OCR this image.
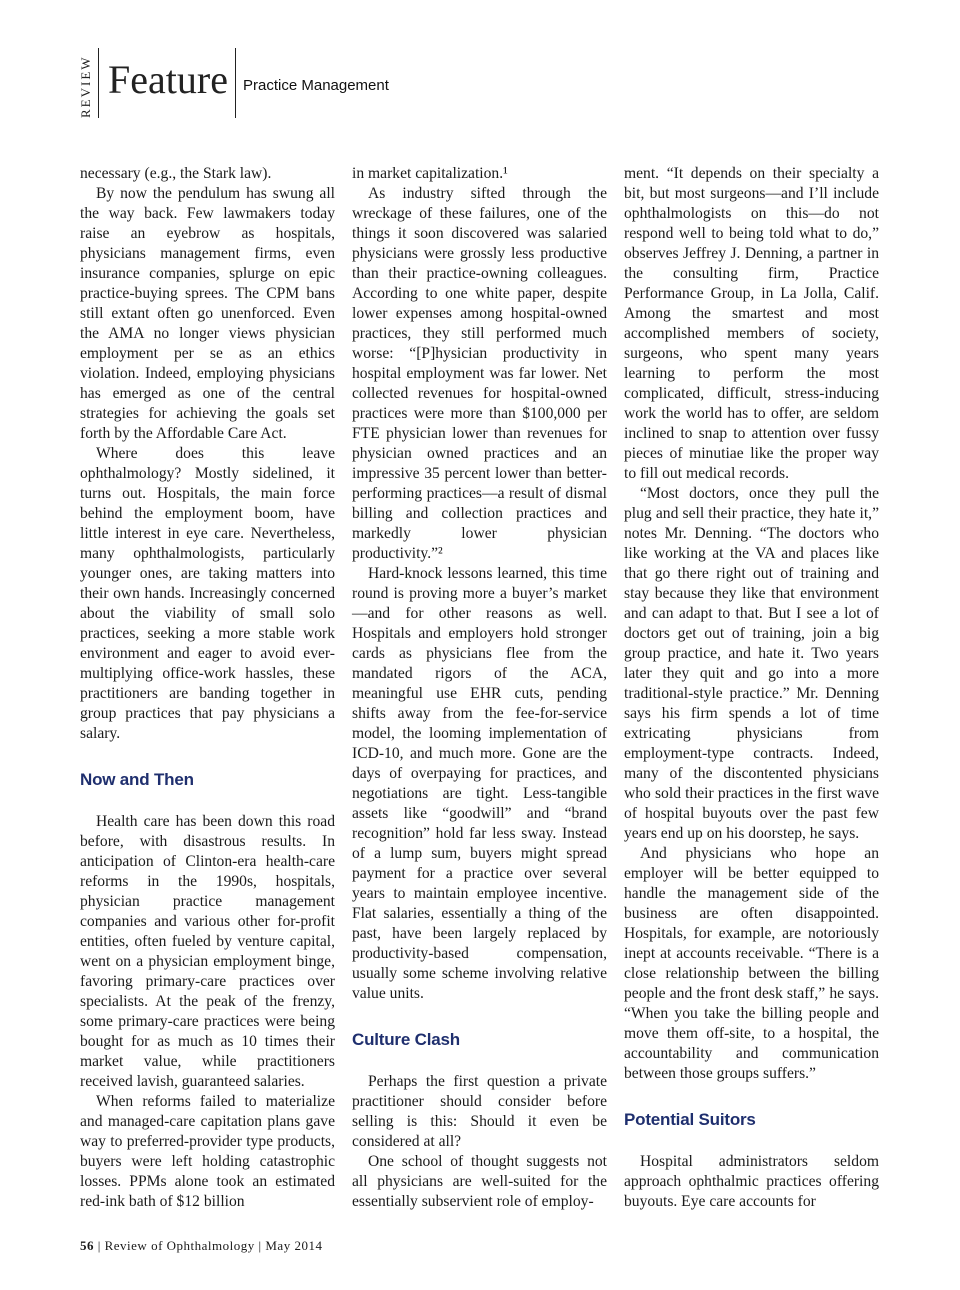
REVIEW Feature Practice Management

necessary (e.g., the Stark law).

By now the pendulum has swung all the way back. Few lawmakers today raise an eyebrow as hospitals, physicians management firms, even insurance companies, splurge on epic practice-buying sprees. The CPM bans still extant often go unenforced. Even the AMA no longer views physician employment per se as an ethics violation. Indeed, employing physicians has emerged as one of the central strategies for achieving the goals set forth by the Affordable Care Act.

Where does this leave ophthalmology? Mostly sidelined, it turns out. Hospitals, the main force behind the employment boom, have little interest in eye care. Nevertheless, many ophthalmologists, particularly younger ones, are taking matters into their own hands. Increasingly concerned about the viability of small solo practices, seeking a more stable work environment and eager to avoid ever-multiplying office-work hassles, these practitioners are banding together in group practices that pay physicians a salary.

Now and Then

Health care has been down this road before, with disastrous results. In anticipation of Clinton-era health-care reforms in the 1990s, hospitals, physician practice management companies and various other for-profit entities, often fueled by venture capital, went on a physician employment binge, favoring primary-care practices over specialists. At the peak of the frenzy, some primary-care practices were being bought for as much as 10 times their market value, while practitioners received lavish, guaranteed salaries.

When reforms failed to materialize and managed-care capitation plans gave way to preferred-provider type products, buyers were left holding catastrophic losses. PPMs alone took an estimated red-ink bath of $12 billion

in market capitalization.¹

As industry sifted through the wreckage of these failures, one of the things it soon discovered was salaried physicians were grossly less productive than their practice-owning colleagues. According to one white paper, despite lower expenses among hospital-owned practices, they still performed much worse: “[P]hysician productivity in hospital employment was far lower. Net collected revenues for hospital-owned practices were more than $100,000 per FTE physician lower than revenues for physician owned practices and an impressive 35 percent lower than better-performing practices—a result of dismal billing and collection practices and markedly lower physician productivity.”²

Hard-knock lessons learned, this time round is proving more a buyer’s market—and for other reasons as well. Hospitals and employers hold stronger cards as physicians flee from the mandated rigors of the ACA, meaningful use EHR cuts, pending shifts away from the fee-for-service model, the looming implementation of ICD-10, and much more. Gone are the days of overpaying for practices, and negotiations are tight. Less-tangible assets like “goodwill” and “brand recognition” hold far less sway. Instead of a lump sum, buyers might spread payment for a practice over several years to maintain employee incentive. Flat salaries, essentially a thing of the past, have been largely replaced by productivity-based compensation, usually some scheme involving relative value units.

Culture Clash

Perhaps the first question a private practitioner should consider before selling is this: Should it even be considered at all?

One school of thought suggests not all physicians are well-suited for the essentially subservient role of employ-

ment. “It depends on their specialty a bit, but most surgeons—and I’ll include ophthalmologists on this—do not respond well to being told what to do,” observes Jeffrey J. Denning, a partner in the consulting firm, Practice Performance Group, in La Jolla, Calif. Among the smartest and most accomplished members of society, surgeons, who spent many years learning to perform the most complicated, difficult, stress-inducing work the world has to offer, are seldom inclined to snap to attention over fussy pieces of minutiae like the proper way to fill out medical records.

“Most doctors, once they pull the plug and sell their practice, they hate it,” notes Mr. Denning. “The doctors who like working at the VA and places like that go there right out of training and stay because they like that environment and can adapt to that. But I see a lot of doctors get out of training, join a big group practice, and hate it. Two years later they quit and go into a more traditional-style practice.” Mr. Denning says his firm spends a lot of time extricating physicians from employment-type contracts. Indeed, many of the discontented physicians who sold their practices in the first wave of hospital buyouts over the past few years end up on his doorstep, he says.

And physicians who hope an employer will be better equipped to handle the management side of the business are often disappointed. Hospitals, for example, are notoriously inept at accounts receivable. “There is a close relationship between the billing people and the front desk staff,” he says. “When you take the billing people and move them off-site, to a hospital, the accountability and communication between those groups suffers.”

Potential Suitors

Hospital administrators seldom approach ophthalmic practices offering buyouts. Eye care accounts for

56 | Review of Ophthalmology | May 2014
